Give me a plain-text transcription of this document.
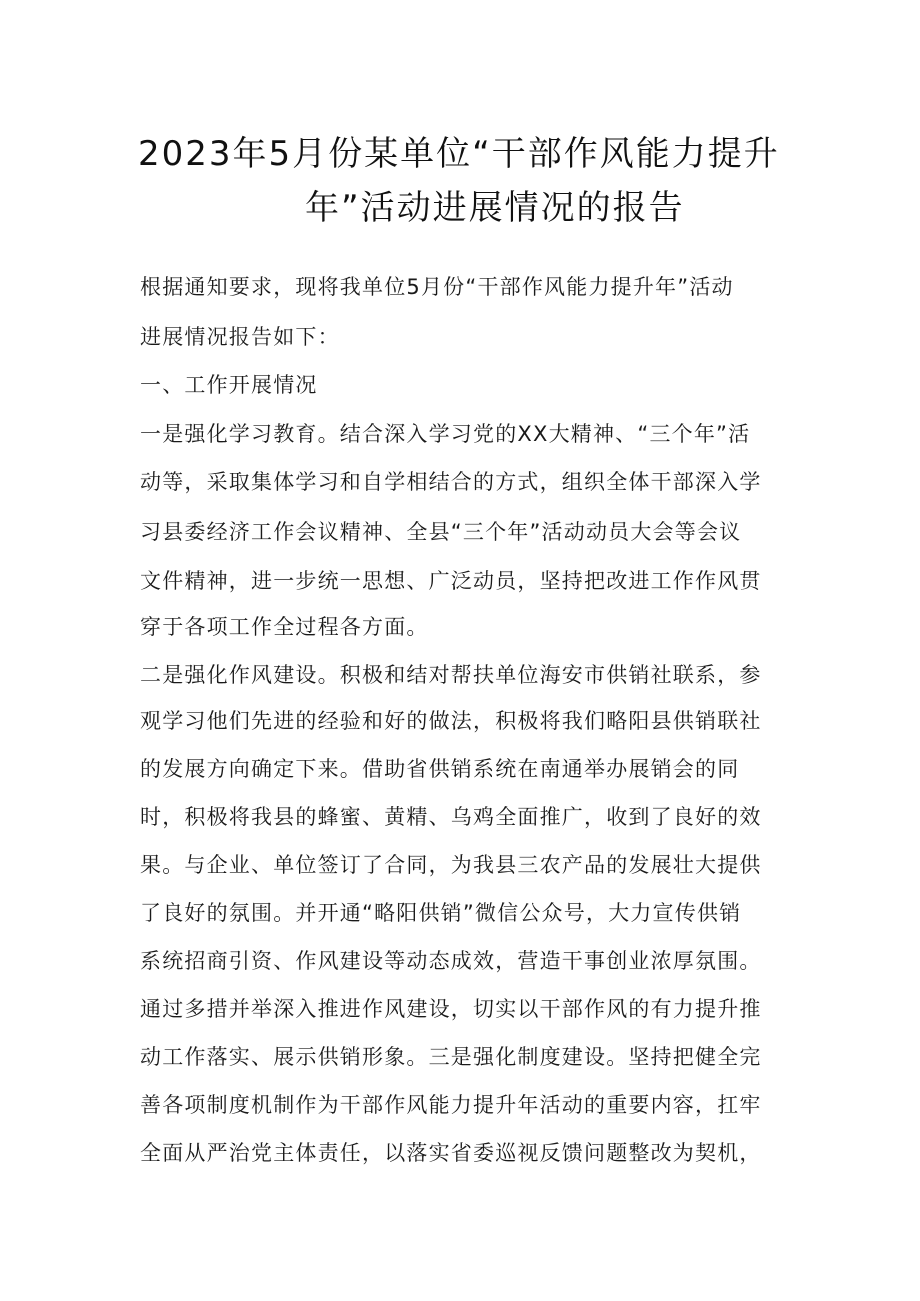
2023年5月份某单位“干部作风能力提升
年”活动进展情况的报告
根据通知要求，现将我单位5月份“干部作风能力提升年”活动
进展情况报告如下：
一、工作开展情况
一是强化学习教育。结合深入学习党的XX大精神、“三个年”活
动等，采取集体学习和自学相结合的方式，组织全体干部深入学
习县委经济工作会议精神、全县“三个年”活动动员大会等会议
文件精神，进一步统一思想、广泛动员，坚持把改进工作作风贯
穿于各项工作全过程各方面。
二是强化作风建设。积极和结对帮扶单位海安市供销社联系，参
观学习他们先进的经验和好的做法，积极将我们略阳县供销联社
的发展方向确定下来。借助省供销系统在南通举办展销会的同
时，积极将我县的蜂蜜、黄精、乌鸡全面推广，收到了良好的效
果。与企业、单位签订了合同，为我县三农产品的发展壮大提供
了良好的氛围。并开通“略阳供销”微信公众号，大力宣传供销
系统招商引资、作风建设等动态成效，营造干事创业浓厚氛围。
通过多措并举深入推进作风建设，切实以干部作风的有力提升推
动工作落实、展示供销形象。三是强化制度建设。坚持把健全完
善各项制度机制作为干部作风能力提升年活动的重要内容，扛牢
全面从严治党主体责任，以落实省委巡视反馈问题整改为契机，
